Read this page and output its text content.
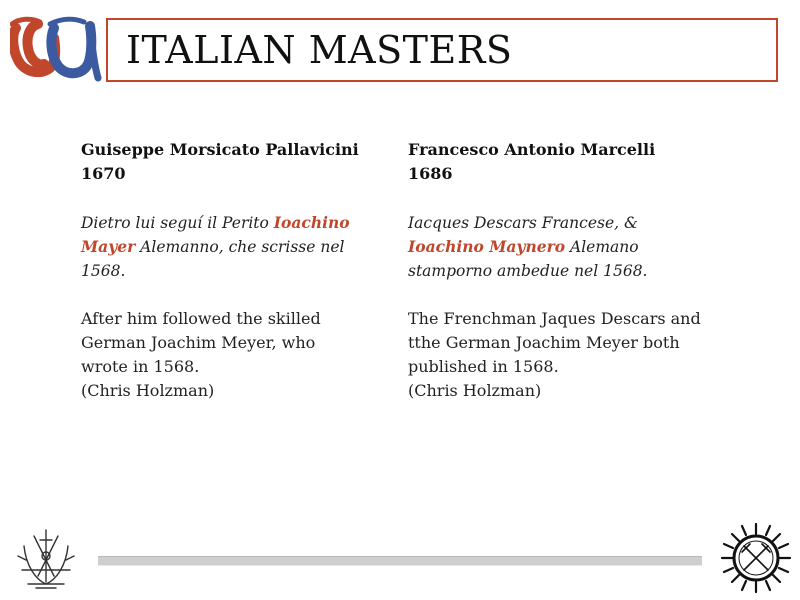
ITALIAN MASTERS
Guiseppe Morsicato Pallavicini
1670
Dietro lui seguí il Perito Ioachino Mayer Alemanno, che scrisse nel 1568.
After him followed the skilled
German Joachim Meyer, who
wrote in 1568.
(Chris Holzman)
Francesco Antonio Marcelli
1686
Iacques Descars Francese, & Ioachino Maynero Alemano stamporno ambedue nel 1568.
The Frenchman Jaques Descars and
tthe German Joachim Meyer both
published in 1568.
(Chris Holzman)
